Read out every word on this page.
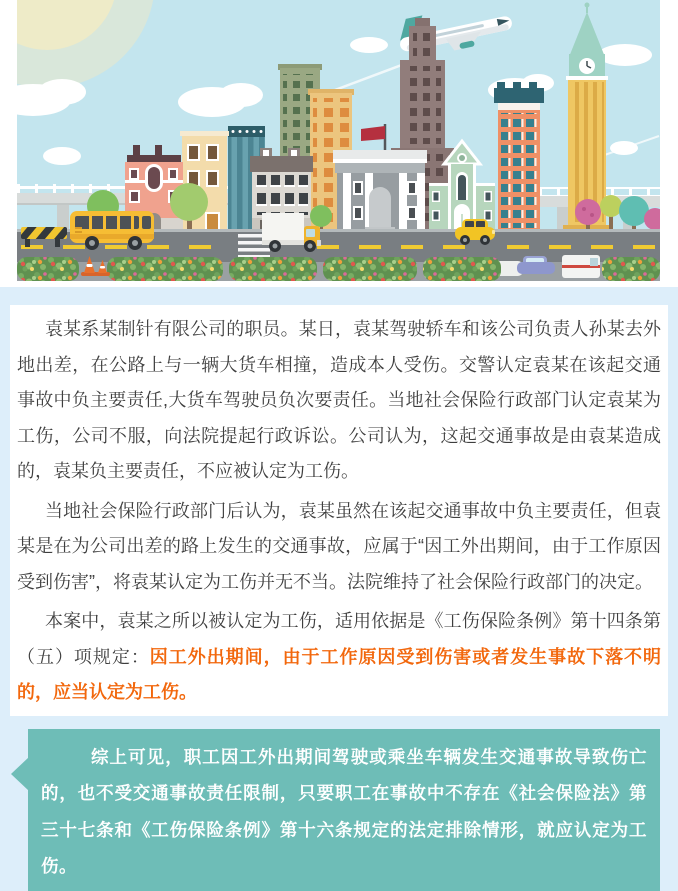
袁某系某制针有限公司的职员。某日，袁某驾驶轿车和该公司负责人孙某去外地出差，在公路上与一辆大货车相撞，造成本人受伤。交警认定袁某在该起交通事故中负主要责任,大货车驾驶员负次要责任。当地社会保险行政部门认定袁某为工伤，公司不服，向法院提起行政诉讼。公司认为，这起交通事故是由袁某造成的，袁某负主要责任，不应被认定为工伤。

当地社会保险行政部门后认为，袁某虽然在该起交通事故中负主要责任，但袁某是在为公司出差的路上发生的交通事故，应属于“因工外出期间，由于工作原因受到伤害”，将袁某认定为工伤并无不当。法院维持了社会保险行政部门的决定。

本案中，袁某之所以被认定为工伤，适用依据是《工伤保险条例》第十四条第（五）项规定：因工外出期间，由于工作原因受到伤害或者发生事故下落不明的，应当认定为工伤。

综上可见，职工因工外出期间驾驶或乘坐车辆发生交通事故导致伤亡的，也不受交通事故责任限制，只要职工在事故中不存在《社会保险法》第三十七条和《工伤保险条例》第十六条规定的法定排除情形，就应认定为工伤。
